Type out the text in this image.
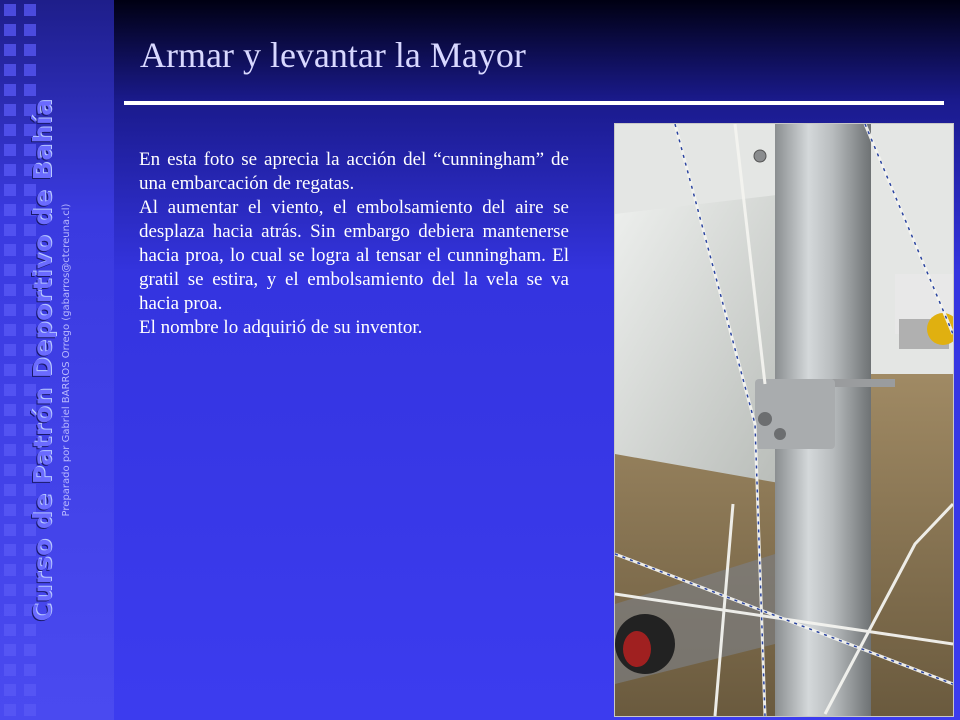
Curso de Patrón Deportivo de Bahía Preparado por Gabriel BARROS Orrego (gabarros@ctcreuna.cl)
Armar y levantar la Mayor

En esta foto se aprecia la acción del “cunningham” de una embarcación de regatas.

Al aumentar el viento, el embolsamiento del aire se desplaza hacia atrás. Sin embargo debiera mantenerse hacia proa, lo cual se logra al tensar el cunningham. El gratil se estira, y el embolsamiento del la vela se va hacia proa.

El nombre lo adquirió de su inventor.
